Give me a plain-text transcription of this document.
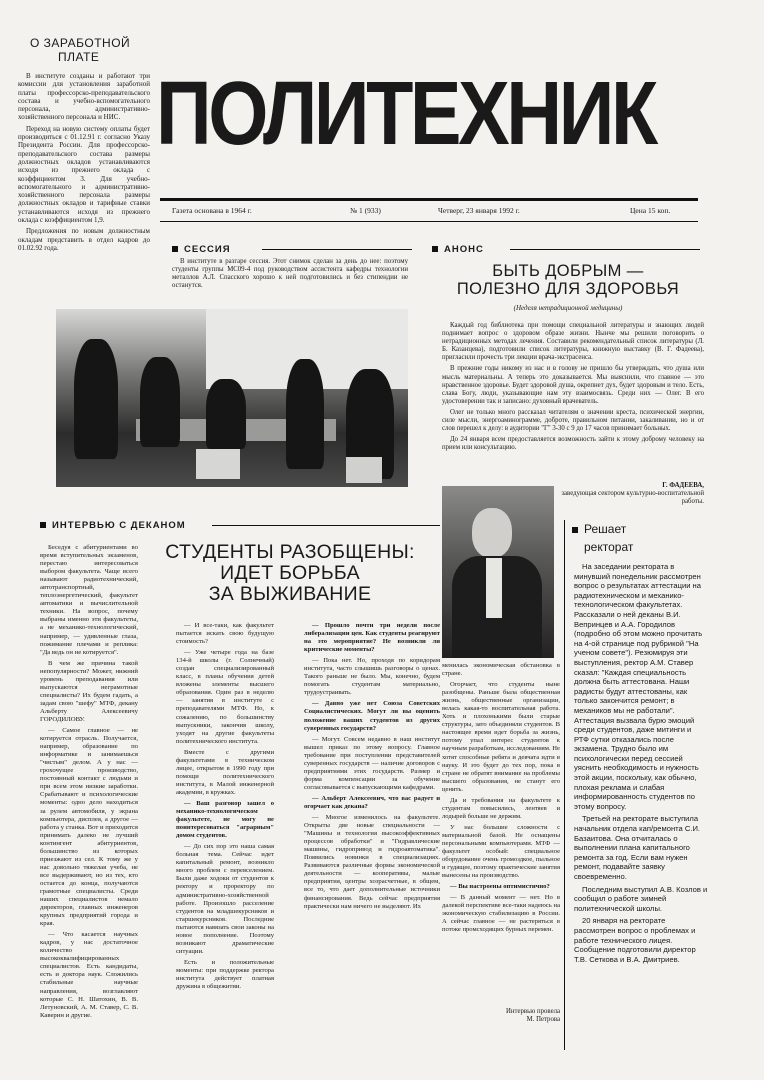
О ЗАРАБОТНОЙ
ПЛАТЕ

В институте созданы и работают три комиссии для установления заработной платы профессорско-преподавательского состава и учебно-вспомогательного персонала, административно-хозяйственного персонала и НИС.

Переход на новую систему оплаты будет производиться с 01.12.91 г. согласно Указу Президента России. Для профессорско-преподавательского состава размеры должностных окладов устанавливаются исходя из прежнего оклада с коэффициентом 3. Для учебно-вспомогательного и административно-хозяйственного персонала размеры должностных окладов и тарифные ставки устанавливаются исходя из прежнего оклада с коэффициентом 1,9.

Предложения по новым должностным окладам представить в отдел кадров до 01.02.92 года.

ПОЛИТЕХНИК
Газета основана в 1964 г.	№ 1 (933)	Четверг, 23 января 1992 г.	Цена 15 коп.
СЕССИЯ
В институте в разгаре сессия. Этот снимок сделан за день до нее: поэтому студенты группы МС09-4 под руководством ассистента кафедры технологии металлов А.Л. Спасского хорошо к ней подготовились и без стипендии не останутся.
АНОНС
БЫТЬ ДОБРЫМ —
ПОЛЕЗНО ДЛЯ ЗДОРОВЬЯ
(Неделя нетрадиционной медицины)

Каждый год библиотека при помощи специальной литературы и знающих людей поднимает вопрос о здоровом образе жизни. Нынче мы решили поговорить о нетрадиционных методах лечения. Составили рекомендательный список литературы (Л. Б. Казанцева), подготовили список литературы, книжную выставку (В. Г. Фадеева), пригласили прочесть три лекции врача-экстрасенса.

В прежние годы никому из нас и в голову не пришло бы утверждать, что душа или мысль материальны. А теперь это доказывается. Мы выяснили, что главное — это нравственное здоровье. Будет здоровой душа, окрепнет дух, будет здоровым и тело. Есть, слава Богу, люди, указывающие нам эту взаимосвязь. Среди них — Олег. В его удостоверении так и записано: духовный врачеватель.

Олег не только много рассказал читателям о значении креста, психической энергии, силе мысли, энергоаминограмме, доброте, правильном питании, закаливании, но и от слов перешел к делу: в аудитории "Г" 3-30 с 9 до 17 часов принимает больных.

До 24 января всем предоставляется возможность зайти к этому доброму человеку на прием или консультацию.

Г. ФАДЕЕВА,
заведующая сектором культурно-воспитательной работы.
ИНТЕРВЬЮ С ДЕКАНОМ
СТУДЕНТЫ РАЗОБЩЕНЫ:
ИДЕТ БОРЬБА
ЗА ВЫЖИВАНИЕ

Беседуя с абитуриентами во время вступительных экзаменов, перестаю интересоваться выбором факультета. Чаще всего называют радиотехнический, автотранспортный, теплоэнергетический, факультет автоматики и вычислительной техники. На вопрос, почему выбраны именно эти факультеты, а не механико-технологический, например, — удивленные глаза, пожимание плечами и реплика: "Да ведь он не котируется".

В чем же причина такой непопулярности? Может, нижний уровень преподавания или выпускаются неграмотные специалисты? Их будем гадать, а задам свою "шефу" МТФ, декану Альберту Алексеевичу ГОРОДИЛОВУ.

— Самое главное — не котируется отрасль. Получается, например, образование по информатике и занимаешься "чистым" делом. А у нас — грохочущее производство, постоянный контакт с людьми и при всем этом низкие заработки. Срабатывают и психологические моменты: одно дело находиться за рулем автомобиля, у экрана компьютера, дисплея, а другое — работа у станка. Вот и приходится принимать далеко не лучший контингент абитуриентов, большинство из которых приезжают из сел. К тому же у нас довольно тяжелая учеба, не все выдерживают, но из тех, кто остается до конца, получаются грамотные специалисты. Среди наших специалистов немало директоров, главных инженеров крупных предприятий города и края.

— Что касается научных кадров, у нас достаточное количество высококвалифицированных специалистов. Есть кандидаты, есть и доктора наук. Сложились стабильные научные направления, возглавляют которые С. Н. Шатохин, В. В. Летуновский, А. М. Ставер, С. В. Каверин и другие.

— И все-таки, как факультет пытается искать свою будущую стоимость?

— Уже четыре года на базе 134-й школы (г. Солнечный) создан специализированный класс, в планы обучения детей вложены элементы высшего образования. Один раз в неделю — занятия в институте с преподавателями МТФ. Но, к сожалению, по большинству выпускники, закончив школу, уходят на другие факультеты политехнического института.

Вместе с другими факультетами в техническом лицее, открытом в 1990 году при помощи политехнического института, в Малой инженерной академии, в кружках.

— Ваш разговор зашел о механико-технологическом факультете, не могу не поинтересоваться "аграрным" домом студентов.

— До сих пор это наша самая больная тема. Сейчас идет капитальный ремонт, возникло много проблем с перевселением. Были даже ходоки от студентов к ректору и проректору по административно-хозяйственной работе. Произошло расселение студентов на младшекурсников и старшекурсников. Последние пытаются навязать свои законы на новое пополнение. Поэтому возникают драматические ситуации.

Есть и положительные моменты: при поддержке ректора института действует платная дружина в общежитии.

— Прошло почти три недели после либерализации цен. Как студенты реагируют на это мероприятие? Не возникли ли критические моменты?

— Пока нет. Но, проходя по коридорам института, часто слышишь разговоры о ценах. Такого раньше не было. Мы, конечно, будем помогать студентам материально, трудоустраивать.

— Давно уже нет Союза Советских Социалистических. Могут ли вы оценить положение ваших студентов из других суверенных государств?

— Могут. Совсем недавно в наш институт вышел приказ по этому вопросу. Главное требование при поступлении представителей суверенных государств — наличие договоров с предприятиями этих государств. Размер и форма компенсации за обучение согласовывается с выпускающими кафедрами.

— Альберт Алексеевич, что вас радует и огорчает как декана?

— Многое изменилось на факультете. Открыты две новые специальности — "Машины и технология высокоэффективных процессов обработки" и "Гидравлические машины, гидропривод и гидроавтоматика". Появились новинки в специализациях. Развиваются различные формы экономической деятельности — кооперативы, малые предприятия, центры хозрасчетные, в общем, все то, что дает дополнительные источники финансирования. Ведь сейчас предприятия практически нам ничего не выделяют. Их

менилась экономическая обстановка в стране.

Огорчает, что студенты ныне разобщены. Раньше была общественная жизнь, общественные организации, велась какая-то воспитательная работа. Хоть и плохонькими были старые структуры, зато объединяли студентов. В настоящее время идет борьба за жизнь, потому упал интерес студентов к научным разработкам, исследованиям. Не хотят способные ребята и девчата идти в науку. И это будет до тех пор, пока в стране не обратят внимание на проблемы высшего образования, не станут его ценить.

Да и требования на факультете к студентам повысились, лентяев и лодырей больше не держим.

У нас большие сложности с материальной базой. Не оснащены персональными компьютерами. МТФ — факультет особый: специальное оборудование очень громоздкое, пыльное и гудящее, поэтому практические занятия вынесены на производство.

— Вы настроены оптимистично?

— В данный момент — нет. Но в далекой перспективе все-таки надеюсь на экономическую стабилизацию в России. А сейчас главное — не растеряться в потоке промсходящих бурных перемен.

Интервью провела
М. Петрова
Решает
ректорат

На заседании ректората в минувший понедельник рассмотрен вопрос о результатах аттестации на радиотехническом и механико-технологическом факультетах. Рассказали о ней деканы В.И. Вепринцев и А.А. Городилов (подробно об этом можно прочитать на 4-ой странице под рубрикой "На ученом совете"). Резюмируя эти выступления, ректор А.М. Ставер сказал: "Каждая специальность должна быть аттестована. Наши радисты будут аттестованы, как только закончится ремонт; в механиков мы не работали". Аттестация вызвала бурю эмоций среди студентов, даже митинги и РТФ сутки отказались после экзамена. Трудно было им психологически перед сессией уяснить необходимость и нужность этой акции, поскольку, как обычно, плохая реклама и слабая информированность студентов по этому вопросу.

Третьей на ректорате выступила начальник отдела кап/ремонта С.И. Базаитова. Она отчиталась о выполнении плана капитального ремонта за год. Если вам нужен ремонт, подавайте заявку своевременно.

Последним выступил А.В. Козлов и сообщил о работе зимней политехнической школы.

20 января на ректорате рассмотрен вопрос о проблемах и работе технического лицея. Сообщение подготовили директор Т.В. Сеткова и В.А. Дмитриев.
